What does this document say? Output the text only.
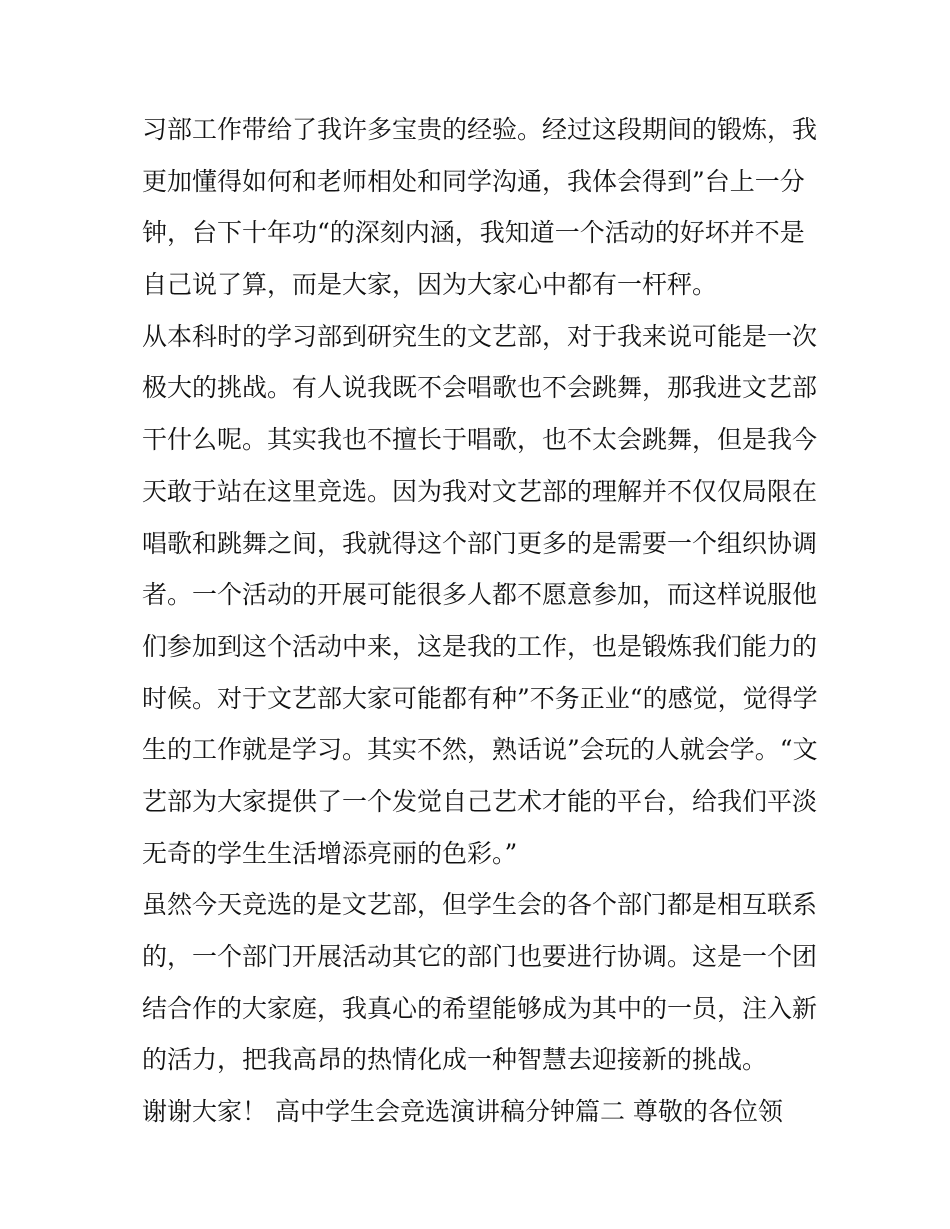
习部工作带给了我许多宝贵的经验。经过这段期间的锻炼，我
更加懂得如何和老师相处和同学沟通，我体会得到”台上一分
钟，台下十年功“的深刻内涵，我知道一个活动的好坏并不是
自己说了算，而是大家，因为大家心中都有一杆秤。
从本科时的学习部到研究生的文艺部，对于我来说可能是一次
极大的挑战。有人说我既不会唱歌也不会跳舞，那我进文艺部
干什么呢。其实我也不擅长于唱歌，也不太会跳舞，但是我今
天敢于站在这里竞选。因为我对文艺部的理解并不仅仅局限在
唱歌和跳舞之间，我就得这个部门更多的是需要一个组织协调
者。一个活动的开展可能很多人都不愿意参加，而这样说服他
们参加到这个活动中来，这是我的工作，也是锻炼我们能力的
时候。对于文艺部大家可能都有种”不务正业“的感觉，觉得学
生的工作就是学习。其实不然，熟话说”会玩的人就会学。“文
艺部为大家提供了一个发觉自己艺术才能的平台，给我们平淡
无奇的学生生活增添亮丽的色彩。”
虽然今天竞选的是文艺部，但学生会的各个部门都是相互联系
的，一个部门开展活动其它的部门也要进行协调。这是一个团
结合作的大家庭，我真心的希望能够成为其中的一员，注入新
的活力，把我高昂的热情化成一种智慧去迎接新的挑战。
谢谢大家！ 高中学生会竞选演讲稿分钟篇二 尊敬的各位领
